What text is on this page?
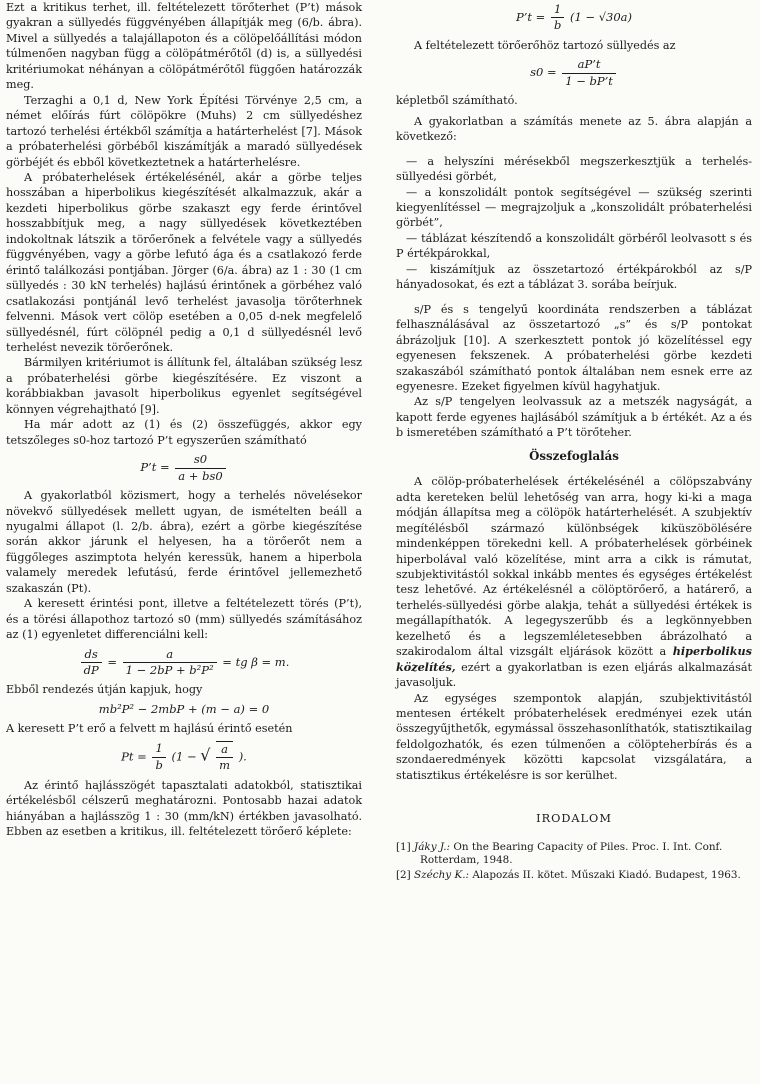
Ezt a kritikus terhet, ill. feltételezett törőterhet (P’t) mások gyakran a süllyedés függvényében állapítják meg (6/b. ábra). Mivel a süllyedés a talajállapoton és a cölöpelőállítási módon túlmenően nagyban függ a cölöpátmérőtől (d) is, a süllyedési kritériumokat néhányan a cölöpátmérőtől függően határozzák meg.

Terzaghi a 0,1 d, New York Építési Törvénye 2,5 cm, a német előírás fúrt cölöpökre (Muhs) 2 cm süllyedéshez tartozó terhelési értékből számítja a határterhelést [7]. Mások a próbaterhelési görbéből kiszámítják a maradó süllyedések görbéjét és ebből következtetnek a határterhelésre.

A próbaterhelések értékelésénél, akár a görbe teljes hosszában a hiperbolikus kiegészítését alkalmazzuk, akár a kezdeti hiperbolikus görbe szakaszt egy ferde érintővel hosszabbítjuk meg, a nagy süllyedések következtében indokoltnak látszik a törőerőnek a felvétele vagy a süllyedés függvényében, vagy a görbe lefutó ága és a csatlakozó ferde érintő találkozási pontjában. Jörger (6/a. ábra) az 1 : 30 (1 cm süllyedés : 30 kN terhelés) hajlású érintőnek a görbéhez való csatlakozási pontjánál levő terhelést javasolja törőterhnek felvenni. Mások vert cölöp esetében a 0,05 d-nek megfelelő süllyedésnél, fúrt cölöpnél pedig a 0,1 d süllyedésnél levő terhelést nevezik törőerőnek.

Bármilyen kritériumot is állítunk fel, általában szükség lesz a próbaterhelési görbe kiegészítésére. Ez viszont a korábbiakban javasolt hiperbolikus egyenlet segítségével könnyen végrehajtható [9].

Ha már adott az (1) és (2) összefüggés, akkor egy tetszőleges s0-hoz tartozó P’t egyszerűen számítható

P’t = $\frac{s0}{a + bs0}$

A gyakorlatból közismert, hogy a terhelés növelésekor növekvő süllyedések mellett ugyan, de ismételten beáll a nyugalmi állapot (l. 2/b. ábra), ezért a görbe kiegészítése során akkor járunk el helyesen, ha a törőerőt nem a függőleges aszimptota helyén keressük, hanem a hiperbola valamely meredek lefutású, ferde érintővel jellemezhető szakaszán (Pt).

A keresett érintési pont, illetve a feltételezett törés (P’t), és a törési állapothoz tartozó s0 (mm) süllyedés számításához az (1) egyenletet differenciálni kell:

$\frac{ds}{dP} = \frac{a}{\text{1 − 2bP + b²P²}}$ = tg β = m.

Ebből rendezés útján kapjuk, hogy

mb²P² − 2mbP + (m − a) = 0

A keresett P’t erő a felvett m hajlású érintő esetén

$Pt = \frac{1}{b} (1$ − √ $\frac{a}{m}$ ).

Az érintő hajlásszögét tapasztalati adatokból, statisztikai értékelésből célszerű meghatározni. Pontosabb hazai adatok hiányában a hajlásszög 1 : 30 (mm/kN) értékben javasolható. Ebben az esetben a kritikus, ill. feltételezett törőerő képlete:

P’t = $\frac{1}{b} (1 - √30a)$

A feltételezett törőerőhöz tartozó süllyedés az

$s0 = \frac{aP’t}{1 - bP’t}$

képletből számítható.

A gyakorlatban a számítás menete az 5. ábra alapján a következő:

— a helyszíni mérésekből megszerkesztjük a terhelés-süllyedési görbét,

— a konszolidált pontok segítségével — szükség szerinti kiegyenlítéssel — megrajzoljuk a „konszolidált próbaterhelési görbét”,

— táblázat készítendő a konszolidált görbéről leolvasott s és P értékpárokkal,

— kiszámítjuk az összetartozó értékpárokból az s/P hányadosokat, és ezt a táblázat 3. sorába beírjuk.

s/P és s tengelyű koordináta rendszerben a táblázat felhasználásával az összetartozó „s” és s/P pontokat ábrázoljuk [10]. A szerkesztett pontok jó közelítéssel egy egyenesen fekszenek. A próbaterhelési görbe kezdeti szakaszából számítható pontok általában nem esnek erre az egyenesre. Ezeket figyelmen kívül hagyhatjuk.

Az s/P tengelyen leolvassuk az a metszék nagyságát, a kapott ferde egyenes hajlásából számítjuk a b értékét. Az a és b ismeretében számítható a P’t törőteher.

Összefoglalás

A cölöp-próbaterhelések értékelésénél a cölöpszabvány adta kereteken belül lehetőség van arra, hogy ki-ki a maga módján állapítsa meg a cölöpök határterhelését. A szubjektív megítélésből származó különbségek kiküszöbölésére mindenképpen törekedni kell. A próbaterhelések görbéinek hiperbolával való közelítése, mint arra a cikk is rámutat, szubjektivitástól sokkal inkább mentes és egységes értékelést tesz lehetővé. Az értékelésnél a cölöptörőerő, a határerő, a terhelés-süllyedési görbe alakja, tehát a süllyedési értékek is megállapíthatók. A legegyszerűbb és a legkönnyebben kezelhető és a legszemléletesebben ábrázolható a szakirodalom által vizsgált eljárások között a hiperbolikus közelítés, ezért a gyakorlatban is ezen eljárás alkalmazását javasoljuk.

Az egységes szempontok alapján, szubjektivitástól mentesen értékelt próbaterhelések eredményei ezek után összegyűjthetők, egymással összehasonlíthatók, statisztikailag feldolgozhatók, és ezen túlmenően a cölöpteherbírás és a szondaeredmények közötti kapcsolat vizsgálatára, a statisztikus értékelésre is sor kerülhet.

IRODALOM

[1] Jáky J.: On the Bearing Capacity of Piles. Proc. I. Int. Conf. Rotterdam, 1948.

[2] Széchy K.: Alapozás II. kötet. Műszaki Kiadó. Budapest, 1963.
